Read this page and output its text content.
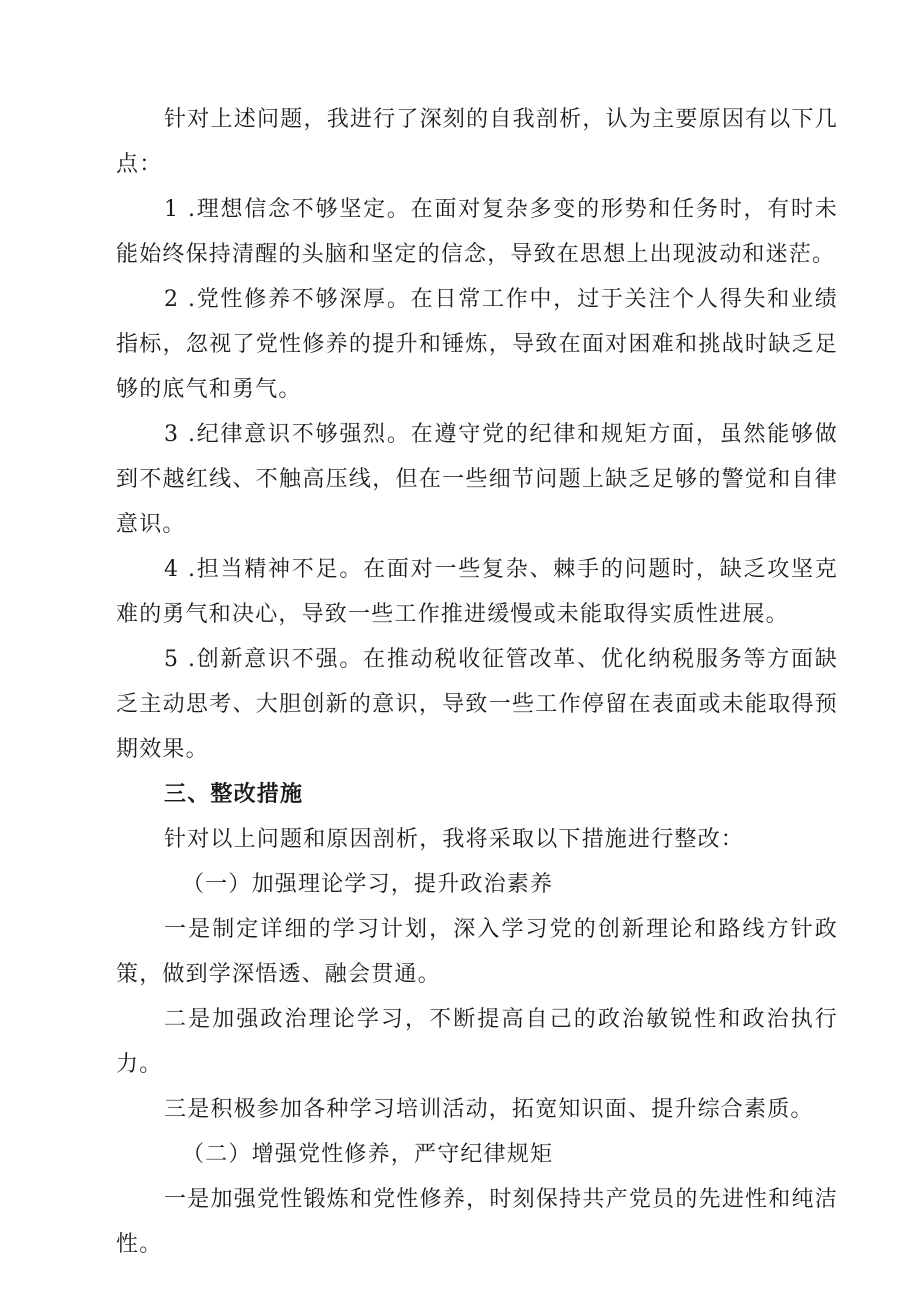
针对上述问题，我进行了深刻的自我剖析，认为主要原因有以下几点：

1 .理想信念不够坚定。在面对复杂多变的形势和任务时，有时未能始终保持清醒的头脑和坚定的信念，导致在思想上出现波动和迷茫。

2 .党性修养不够深厚。在日常工作中，过于关注个人得失和业绩指标，忽视了党性修养的提升和锤炼，导致在面对困难和挑战时缺乏足够的底气和勇气。

3 .纪律意识不够强烈。在遵守党的纪律和规矩方面，虽然能够做到不越红线、不触高压线，但在一些细节问题上缺乏足够的警觉和自律意识。

4 .担当精神不足。在面对一些复杂、棘手的问题时，缺乏攻坚克难的勇气和决心，导致一些工作推进缓慢或未能取得实质性进展。

5 .创新意识不强。在推动税收征管改革、优化纳税服务等方面缺乏主动思考、大胆创新的意识，导致一些工作停留在表面或未能取得预期效果。

三、整改措施

针对以上问题和原因剖析，我将采取以下措施进行整改：

（一）加强理论学习，提升政治素养

一是制定详细的学习计划，深入学习党的创新理论和路线方针政策，做到学深悟透、融会贯通。

二是加强政治理论学习，不断提高自己的政治敏锐性和政治执行力。

三是积极参加各种学习培训活动，拓宽知识面、提升综合素质。

（二）增强党性修养，严守纪律规矩

一是加强党性锻炼和党性修养，时刻保持共产党员的先进性和纯洁性。
